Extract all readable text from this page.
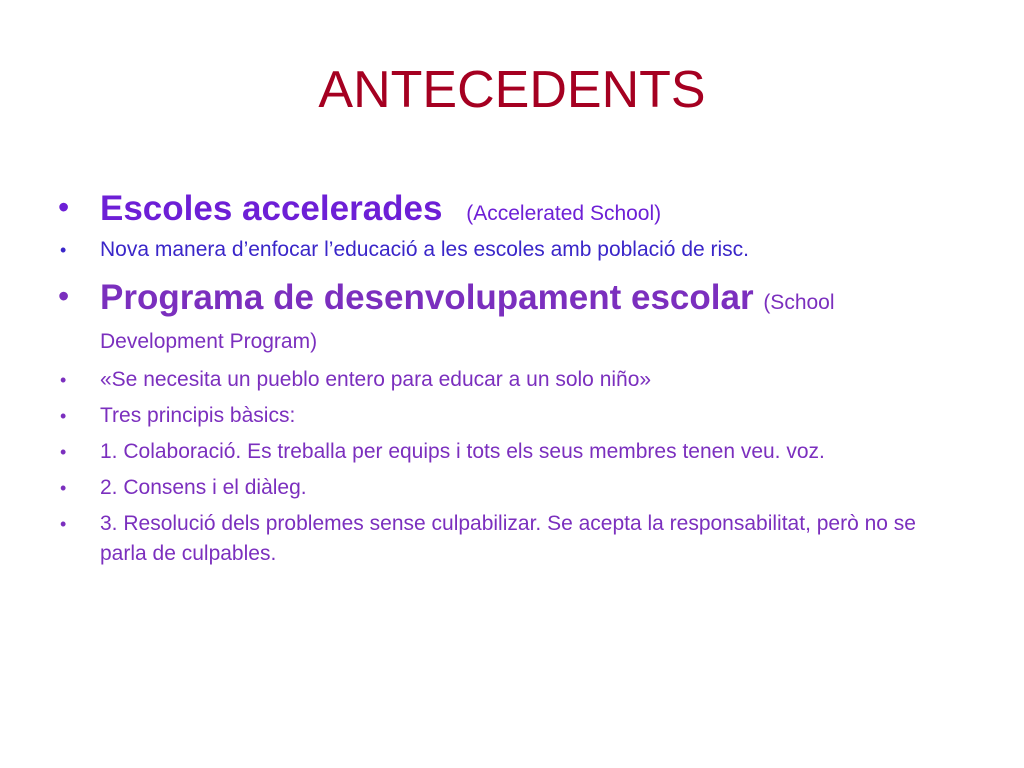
ANTECEDENTS
• Escoles accelerades (Accelerated School)
• Nova manera d’enfocar l’educació a les escoles amb població de risc.
• Programa de desenvolupament escolar (School Development Program)
• «Se necesita un pueblo entero para educar a un solo niño»
• Tres principis bàsics:
• 1. Colaboració. Es treballa per equips i tots els seus membres tenen veu. voz.
• 2. Consens i el diàleg.
• 3. Resolució dels problemes sense culpabilizar. Se acepta la responsabilitat, però no se parla de culpables.
